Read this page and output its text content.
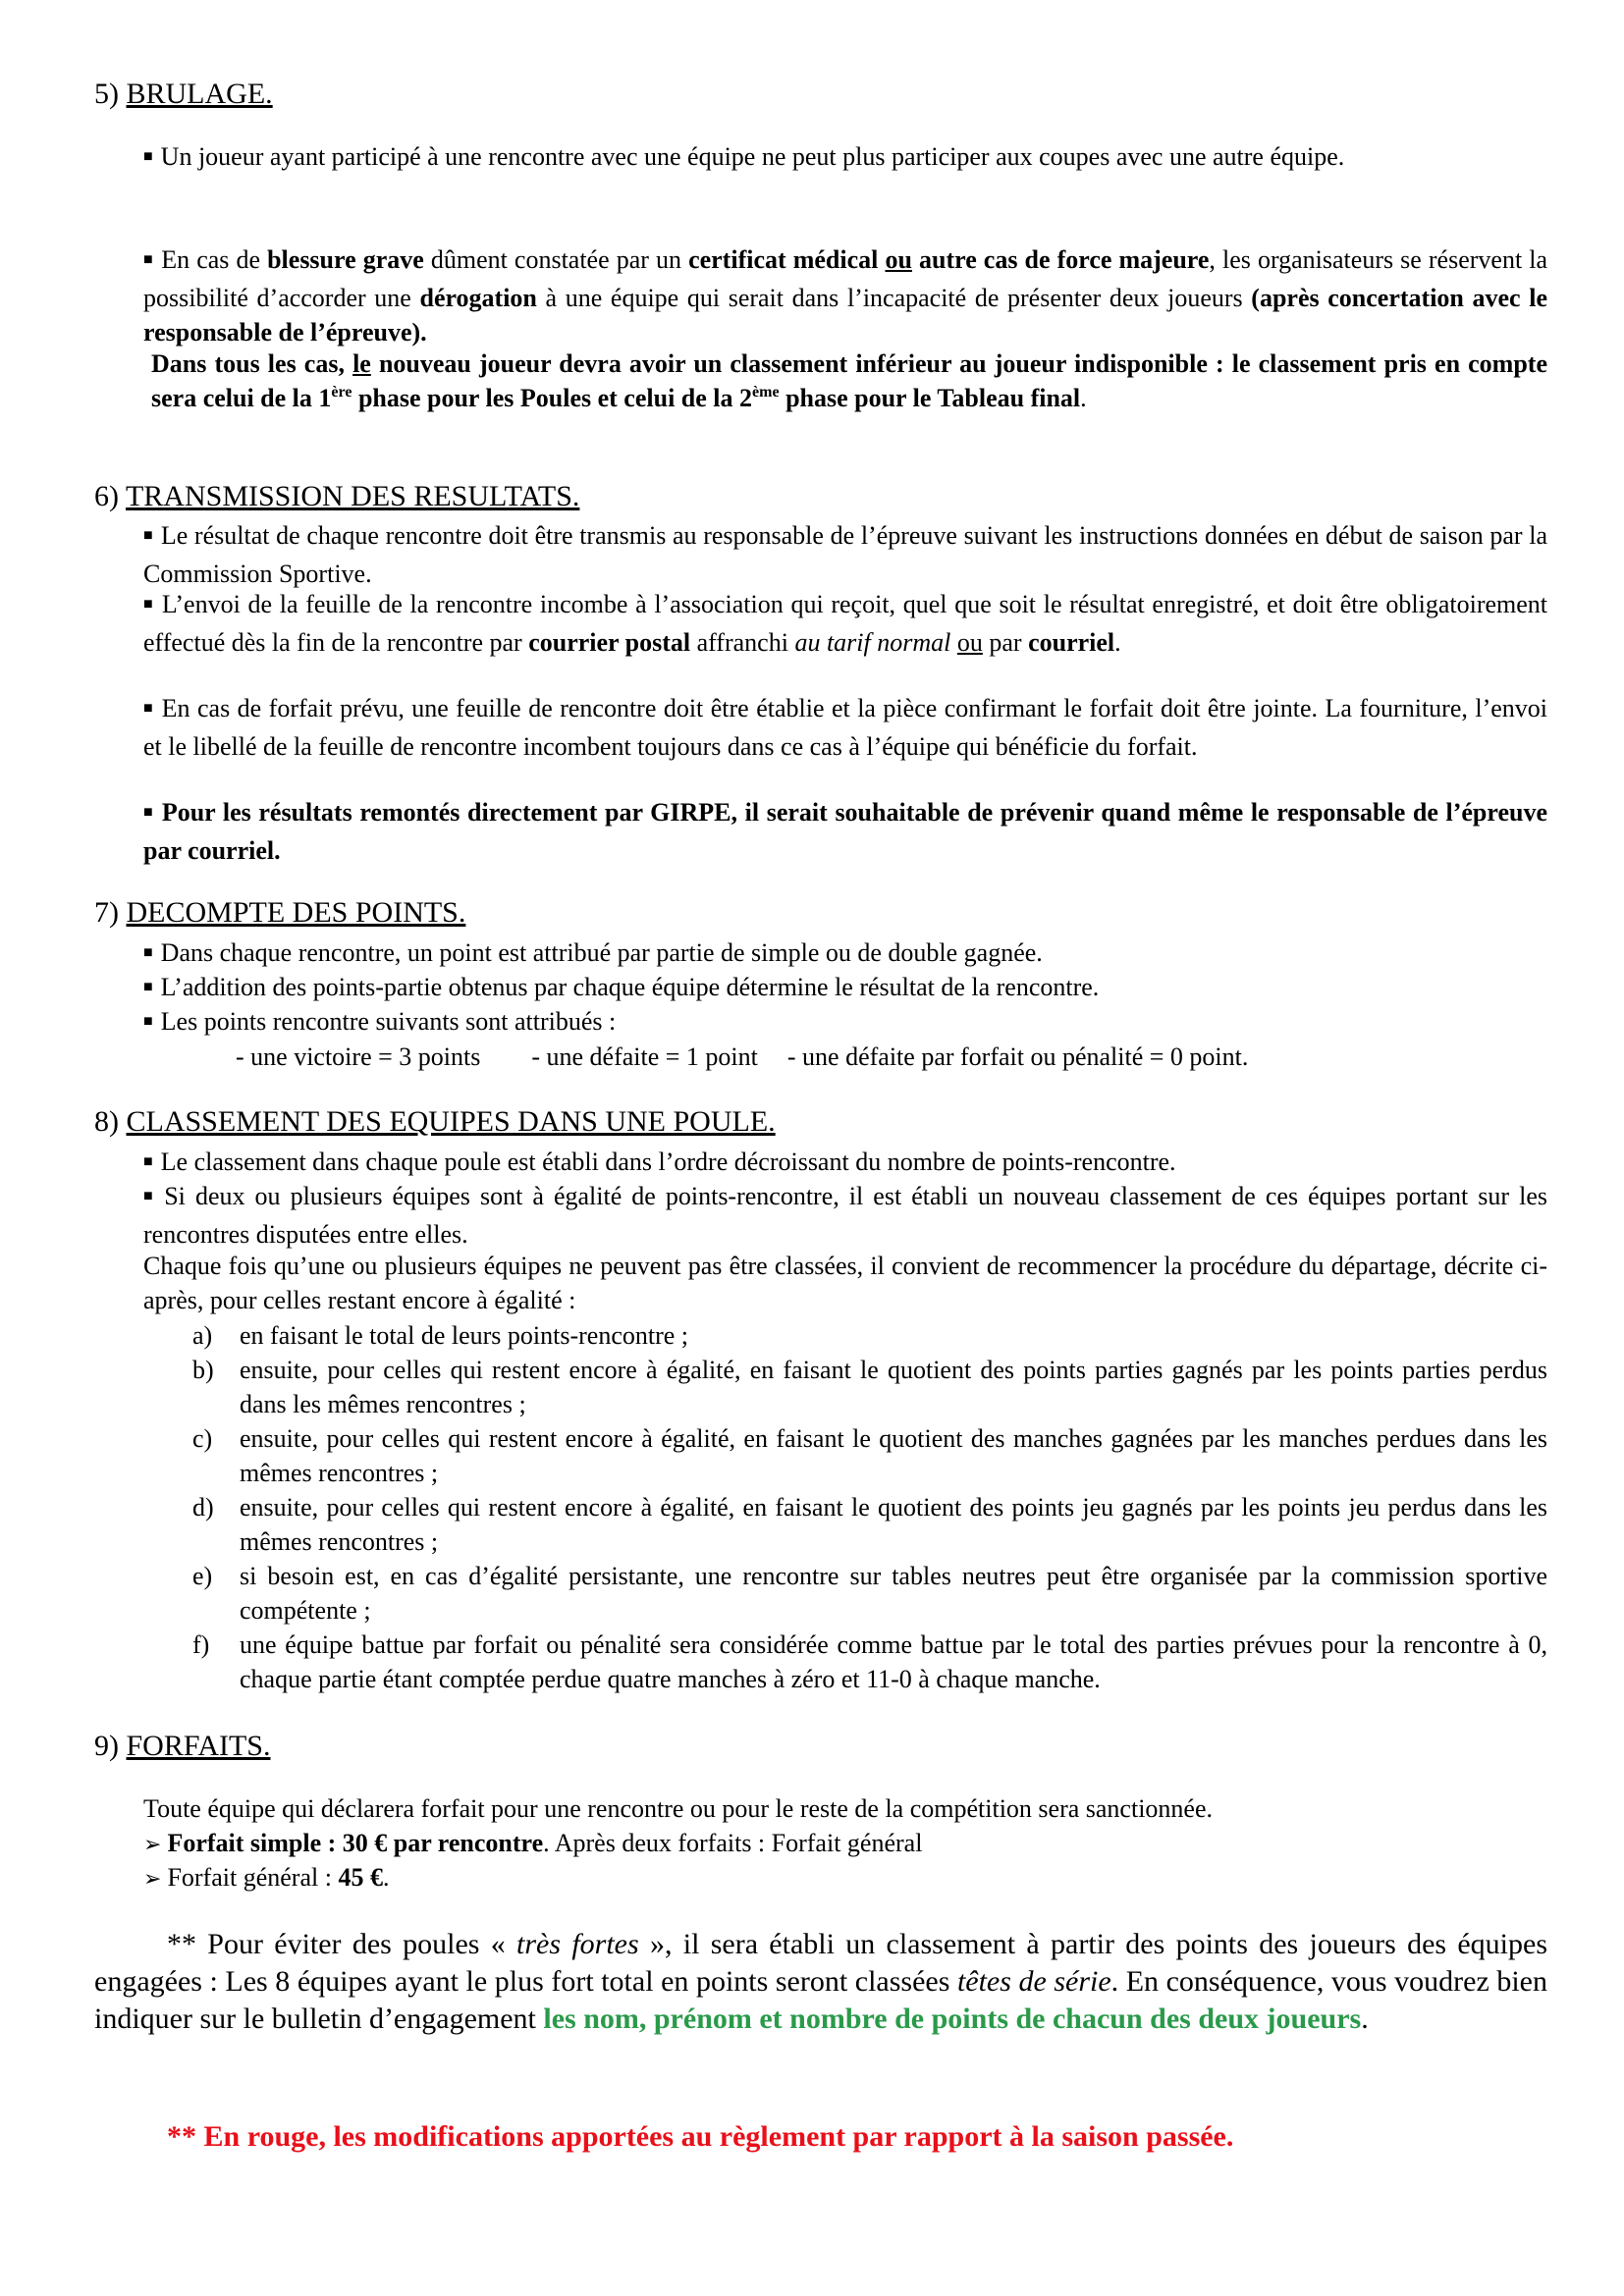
5) BRULAGE.
■ Un joueur ayant participé à une rencontre avec une équipe ne peut plus participer aux coupes avec une autre équipe.
■ En cas de blessure grave dûment constatée par un certificat médical ou autre cas de force majeure, les organisateurs se réservent la possibilité d’accorder une dérogation à une équipe qui serait dans l’incapacité de présenter deux joueurs (après concertation avec le responsable de l’épreuve).
Dans tous les cas, le nouveau joueur devra avoir un classement inférieur au joueur indisponible : le classement pris en compte sera celui de la 1ère phase pour les Poules et celui de la 2ème phase pour le Tableau final.
6) TRANSMISSION DES RESULTATS.
■ Le résultat de chaque rencontre doit être transmis au responsable de l’épreuve suivant les instructions données en début de saison par la Commission Sportive.
■ L’envoi de la feuille de la rencontre incombe à l’association qui reçoit, quel que soit le résultat enregistré, et doit être obligatoirement effectué dès la fin de la rencontre par courrier postal affranchi au tarif normal ou par courriel.
■ En cas de forfait prévu, une feuille de rencontre doit être établie et la pièce confirmant le forfait doit être jointe. La fourniture, l’envoi et le libellé de la feuille de rencontre incombent toujours dans ce cas à l’équipe qui bénéficie du forfait.
■ Pour les résultats remontés directement par GIRPE, il serait souhaitable de prévenir quand même le responsable de l’épreuve par courriel.
7) DECOMPTE DES POINTS.
■ Dans chaque rencontre, un point est attribué par partie de simple ou de double gagnée.
■ L’addition des points-partie obtenus par chaque équipe détermine le résultat de la rencontre.
■ Les points rencontre suivants sont attribués :
- une victoire = 3 points - une défaite = 1 point - une défaite par forfait ou pénalité = 0 point.
8) CLASSEMENT DES EQUIPES DANS UNE POULE.
■ Le classement dans chaque poule est établi dans l’ordre décroissant du nombre de points-rencontre.
■ Si deux ou plusieurs équipes sont à égalité de points-rencontre, il est établi un nouveau classement de ces équipes portant sur les rencontres disputées entre elles.
Chaque fois qu’une ou plusieurs équipes ne peuvent pas être classées, il convient de recommencer la procédure du départage, décrite ci-après, pour celles restant encore à égalité :
a) en faisant le total de leurs points-rencontre ;
b) ensuite, pour celles qui restent encore à égalité, en faisant le quotient des points parties gagnés par les points parties perdus dans les mêmes rencontres ;
c) ensuite, pour celles qui restent encore à égalité, en faisant le quotient des manches gagnées par les manches perdues dans les mêmes rencontres ;
d) ensuite, pour celles qui restent encore à égalité, en faisant le quotient des points jeu gagnés par les points jeu perdus dans les mêmes rencontres ;
e) si besoin est, en cas d’égalité persistante, une rencontre sur tables neutres peut être organisée par la commission sportive compétente ;
f) une équipe battue par forfait ou pénalité sera considérée comme battue par le total des parties prévues pour la rencontre à 0, chaque partie étant comptée perdue quatre manches à zéro et 11-0 à chaque manche.
9) FORFAITS.
Toute équipe qui déclarera forfait pour une rencontre ou pour le reste de la compétition sera sanctionnée.
➢ Forfait simple : 30 € par rencontre. Après deux forfaits : Forfait général
➢ Forfait général : 45 €.
** Pour éviter des poules « très fortes », il sera établi un classement à partir des points des joueurs des équipes engagées : Les 8 équipes ayant le plus fort total en points seront classées têtes de série. En conséquence, vous voudrez bien indiquer sur le bulletin d’engagement les nom, prénom et nombre de points de chacun des deux joueurs.
** En rouge, les modifications apportées au règlement par rapport à la saison passée.
